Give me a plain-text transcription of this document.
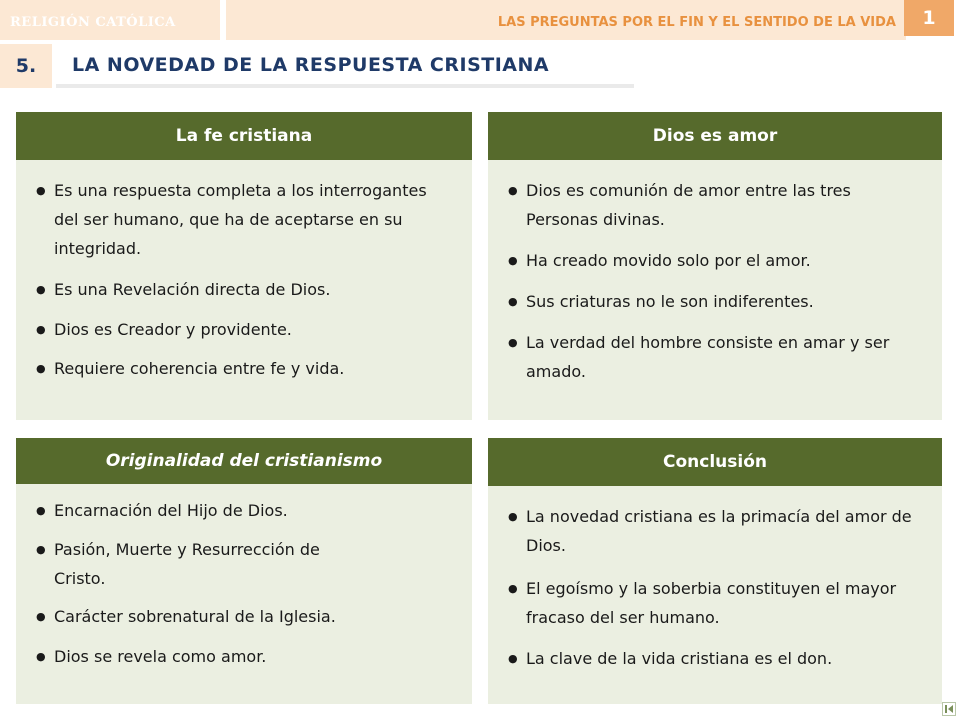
RELIGIÓN CATÓLICA	LAS PREGUNTAS POR EL FIN Y EL SENTIDO DE LA VIDA	1
5.	LA NOVEDAD DE LA RESPUESTA CRISTIANA
La fe cristiana
● Es una respuesta completa a los interrogantes del ser humano, que ha de aceptarse en su integridad.
● Es una Revelación directa de Dios.
● Dios es Creador y providente.
● Requiere coherencia entre fe y vida.
Dios es amor
● Dios es comunión de amor entre las tres Personas divinas.
● Ha creado movido solo por el amor.
● Sus criaturas no le son indiferentes.
● La verdad del hombre consiste en amar y ser amado.
Originalidad del cristianismo
● Encarnación del Hijo de Dios.
● Pasión, Muerte y Resurrección de Cristo.
● Carácter sobrenatural de la Iglesia.
● Dios se revela como amor.
Conclusión
● La novedad cristiana es la primacía del amor de Dios.
● El egoísmo y la soberbia constituyen el mayor fracaso del ser humano.
● La clave de la vida cristiana es el don.
